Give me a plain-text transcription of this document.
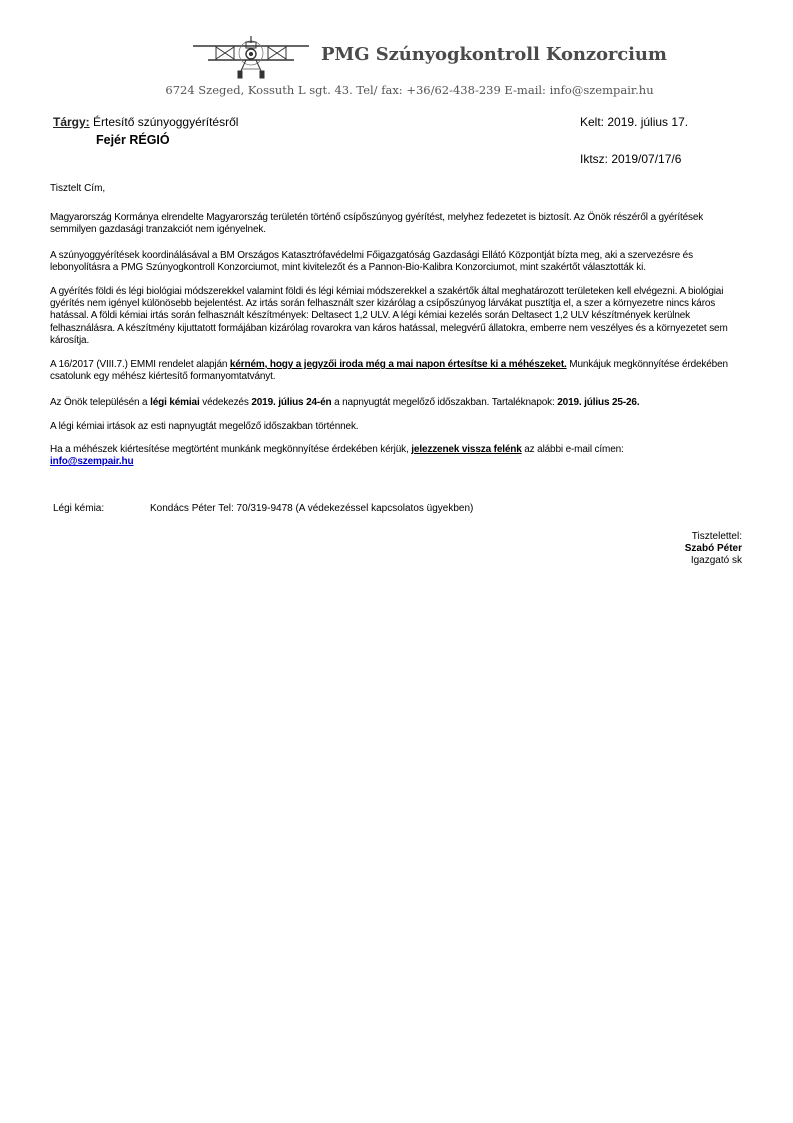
PMG Szúnyogkontroll Konzorcium
6724 Szeged, Kossuth L sgt. 43. Tel/ fax: +36/62-438-239 E-mail: info@szempair.hu
Tárgy: Értesítő szúnyoggyérítésről
Fejér RÉGIÓ
Kelt: 2019. július 17.
Iktsz: 2019/07/17/6
Tisztelt Cím,
Magyarország Kormánya elrendelte Magyarország területén történő csípőszúnyog gyérítést, melyhez fedezetet is biztosít. Az Önök részéről a gyérítések semmilyen gazdasági tranzakciót nem igényelnek.
A szúnyoggyérítések koordinálásával a BM Országos Katasztrófavédelmi Főigazgatóság Gazdasági Ellátó Központját bízta meg, aki a szervezésre és lebonyolításra a PMG Szúnyogkontroll Konzorciumot, mint kivitelezőt és a Pannon-Bio-Kalibra Konzorciumot, mint szakértőt választották ki.
A gyérítés földi és légi biológiai módszerekkel valamint földi és légi kémiai módszerekkel a szakértők által meghatározott területeken kell elvégezni. A biológiai gyérítés nem igényel különösebb bejelentést. Az irtás során felhasznált szer kizárólag a csípőszúnyog lárvákat pusztítja el, a szer a környezetre nincs káros hatással. A földi kémiai irtás során felhasznált készítmények: Deltasect 1,2 ULV. A légi kémiai kezelés során Deltasect 1,2 ULV készítmények kerülnek felhasználásra. A készítmény kijuttatott formájában kizárólag rovarokra van káros hatással, melegvérű állatokra, emberre nem veszélyes és a környezetet sem károsítja.
A 16/2017 (VIII.7.) EMMI rendelet alapján kérném, hogy a jegyzői iroda még a mai napon értesítse ki a méhészeket. Munkájuk megkönnyítése érdekében csatolunk egy méhész kiértesítő formanyomtatványt.
Az Önök településén a légi kémiai védekezés 2019. július 24-én a napnyugtát megelőző időszakban. Tartaléknapok: 2019. július 25-26.
A légi kémiai irtások az esti napnyugtát megelőző időszakban történnek.
Ha a méhészek kiértesítése megtörtént munkánk megkönnyítése érdekében kérjük, jelezzenek vissza felénk az alábbi e-mail címen:
info@szempair.hu
Légi kémia:	Kondács Péter Tel: 70/319-9478 (A védekezéssel kapcsolatos ügyekben)
Tisztelettel:
Szabó Péter
Igazgató sk
